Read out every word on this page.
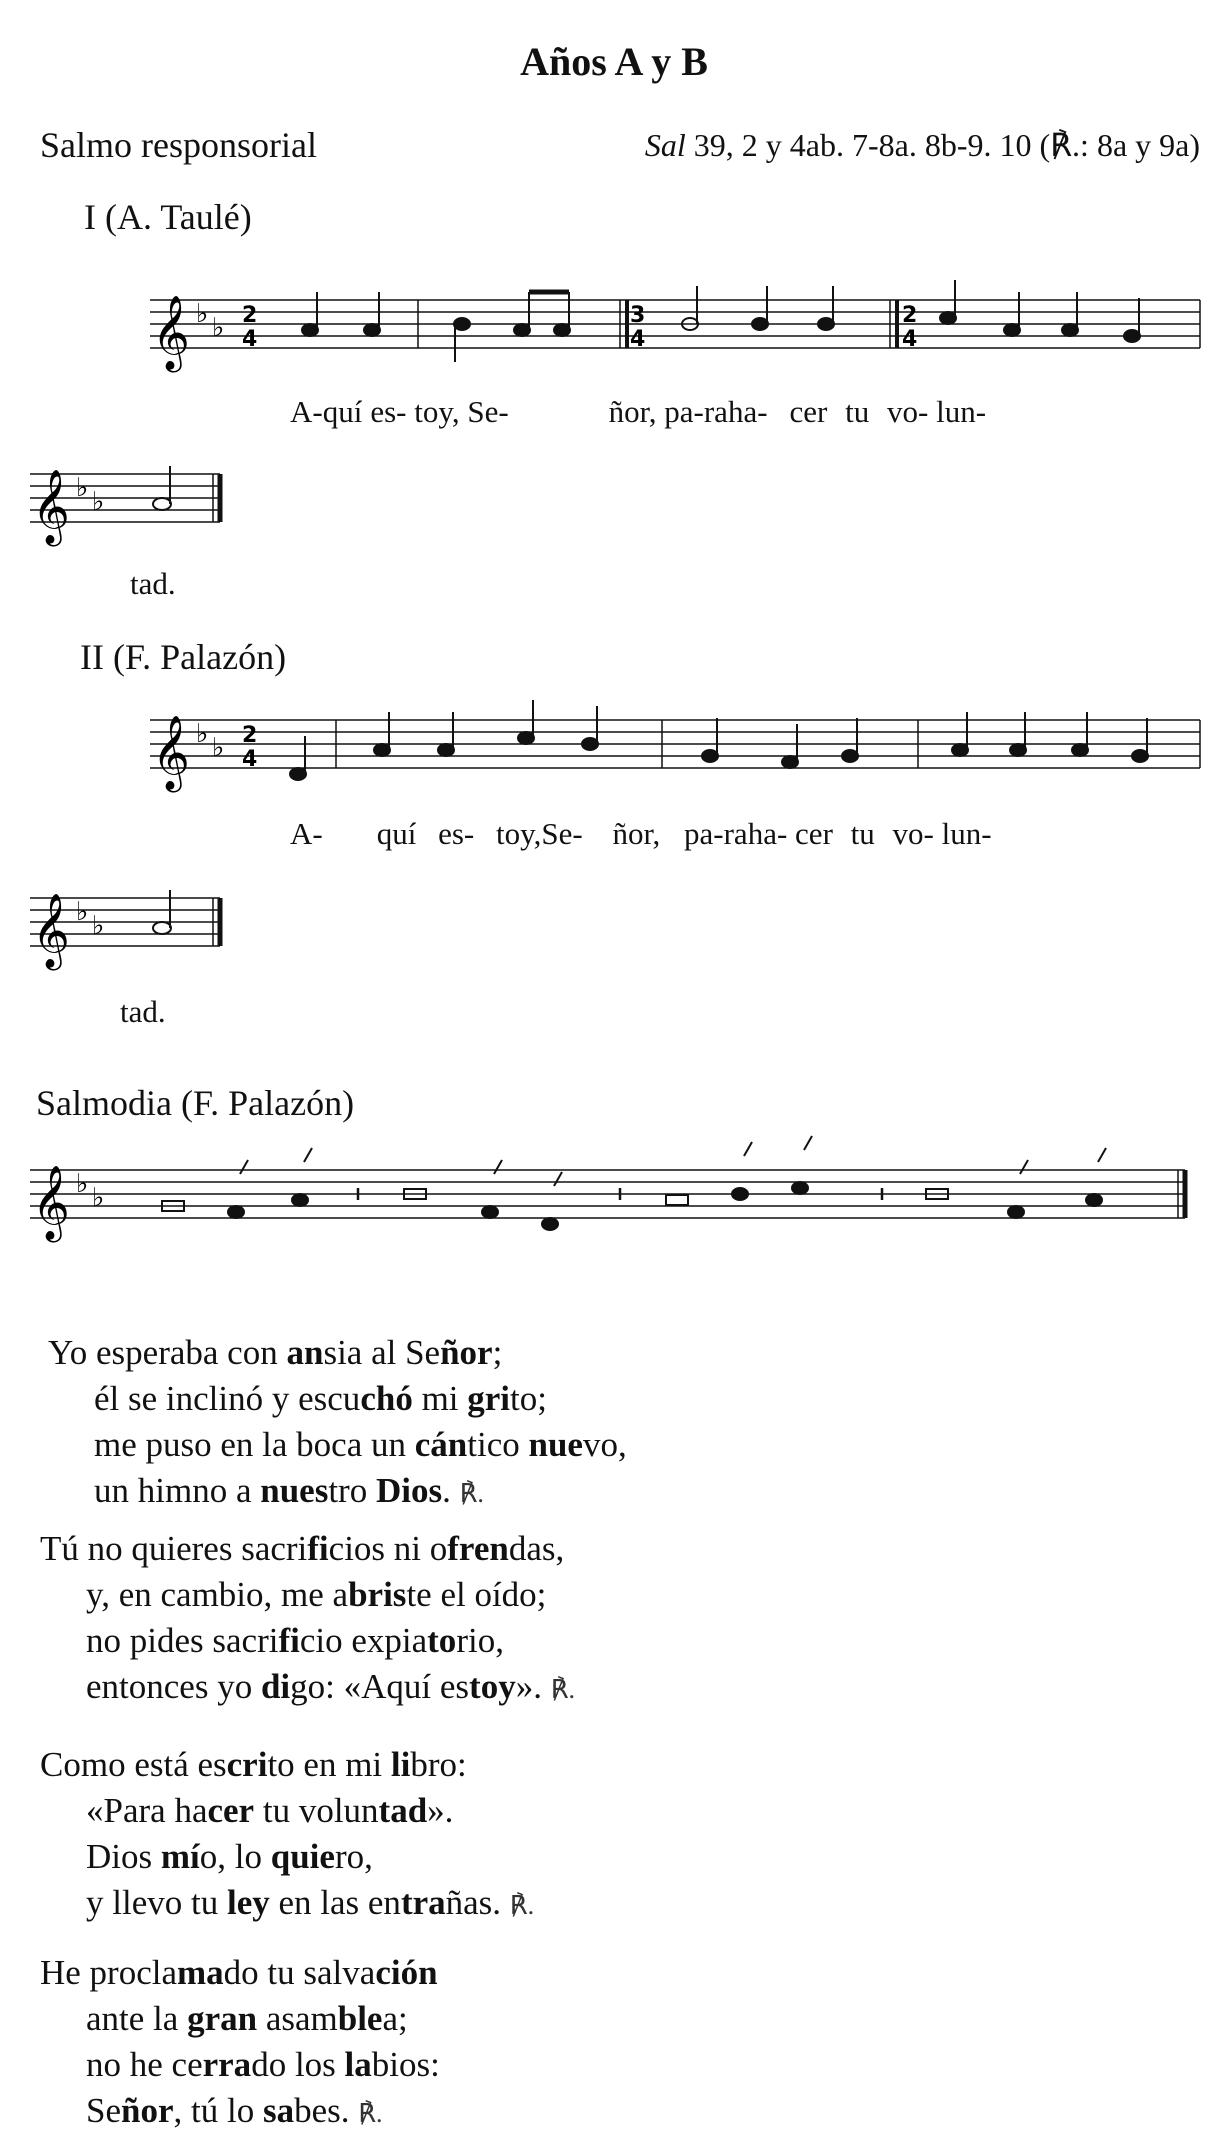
Años A y B
Salmo responsorial	Sal 39, 2 y 4ab. 7-8a. 8b-9. 10 (℟.: 8a y 9a)
I (A. Taulé)
𝄞 ♭ ♭ 2
4
3
4
2
4
A-quí es- toy, Se-	ñor, pa-raha- cer tu vo- lun-
𝄞 ♭ ♭
tad.
II (F. Palazón)
𝄞 ♭ ♭ 2
4
A- quí es- toy,Se- ñor, pa-raha- cer tu vo- lun-
𝄞 ♭ ♭
tad.
Salmodia (F. Palazón)
𝄞 ♭ ♭
Yo esperaba con ansia al Señor;
él se inclinó y escuchó mi grito;
me puso en la boca un cántico nuevo,
un himno a nuestro Dios. ℟.
Tú no quieres sacrificios ni ofrendas,
y, en cambio, me abriste el oído;
no pides sacrificio expiatorio,
entonces yo digo: «Aquí estoy». ℟.
Como está escrito en mi libro:
«Para hacer tu voluntad».
Dios mío, lo quiero,
y llevo tu ley en las entrañas. ℟.
He proclamado tu salvación
ante la gran asamblea;
no he cerrado los labios:
Señor, tú lo sabes. ℟.
